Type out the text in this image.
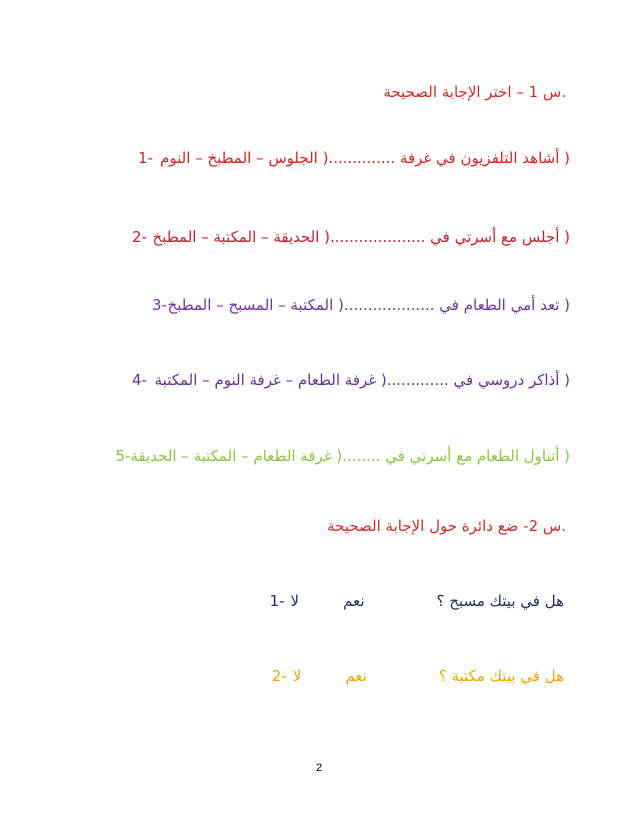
.س 1 – اختر الإجابة الصحيحة
( أشاهد التلفزيون في غرفة ..............( الجلوس – المطبخ – النوم
1-
( أجلس مع أسرتي في ....................( الحديقة – المكتبة – المطبخ
2-
( تعد أمي الطعام في ...................( المكتبة – المسبح – المطبخ
3-
( أذاكر دروسي في .............( غرفة الطعام – غرفة النوم – المكتبة
4-
( أتناول الطعام مع أسرتي في ........( غرفة الطعام – المكتبة – الحديقة
5-
.س 2- ضع دائرة حول الإجابة الصحيحة
هل في بيتك مسبح ؟
نعم
لا
1-
هل في بيتك مكتبة ؟
نعم
لا
2-
2
